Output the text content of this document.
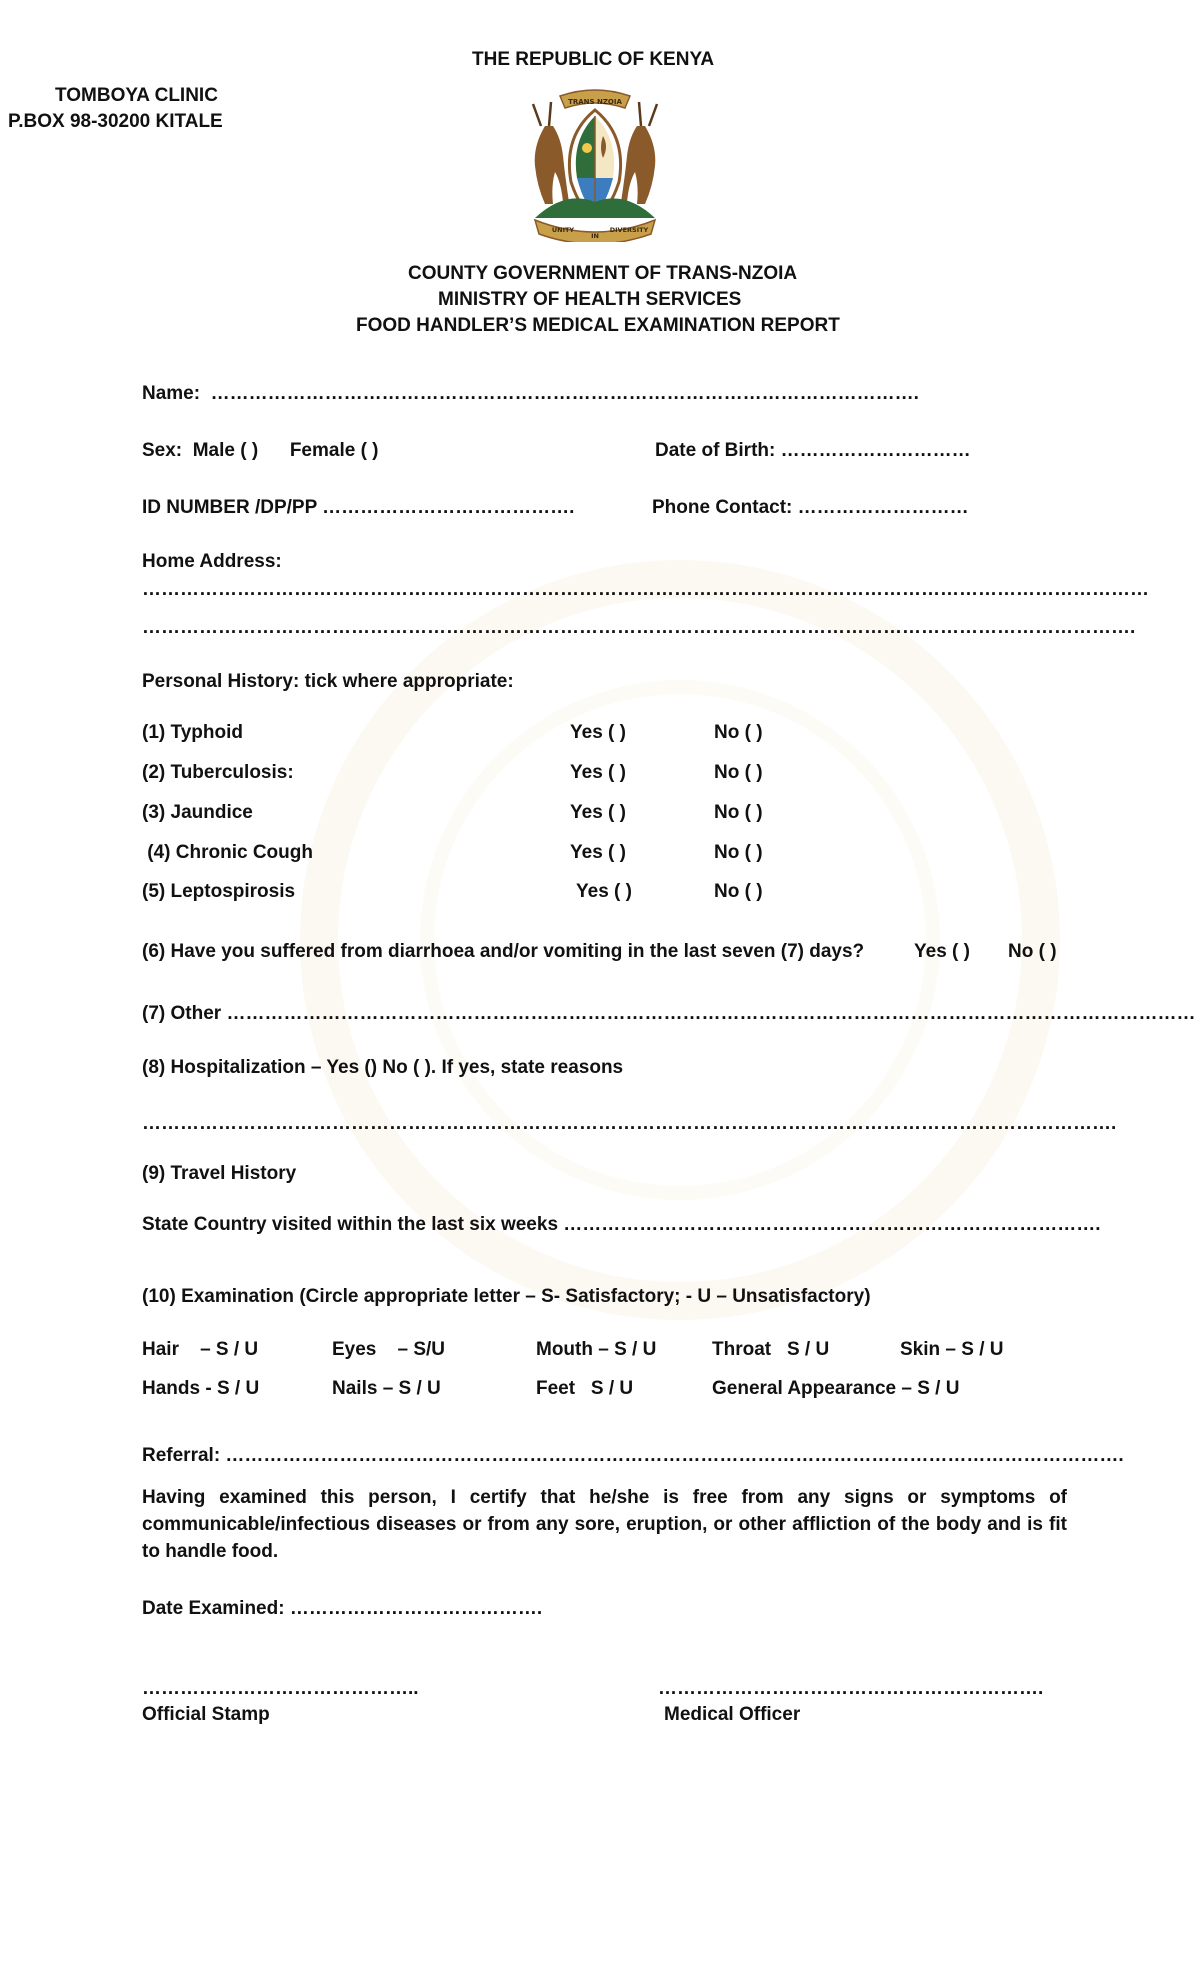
THE REPUBLIC OF KENYA
TOMBOYA CLINIC
P.BOX 98-30200 KITALE
TRANS NZOIA
UNITY
IN
DIVERSITY
COUNTY GOVERNMENT OF TRANS-NZOIA
MINISTRY OF HEALTH SERVICES
FOOD HANDLER’S MEDICAL EXAMINATION REPORT
Name:  ………………………………………………………………………………………………….
Sex:  Male ( )      Female ( )	Date of Birth: …………………………
ID NUMBER /DP/PP ………………………………….	Phone Contact: ………………………
Home Address:
……………………………………………………………………………………………………………………………………………
………………………………………………………………………………………………………………………………………….
Personal History: tick where appropriate:
(1) Typhoid	Yes ( )	No ( )
(2) Tuberculosis:	Yes ( )	No ( )
(3) Jaundice	Yes ( )	No ( )
(4) Chronic Cough	Yes ( )	No ( )
(5) Leptospirosis	Yes ( )	No ( )
(6) Have you suffered from diarrhoea and/or vomiting in the last seven (7) days?	Yes ( ) No ( )
(7) Other ………………………………………………………………………………………………………………………………………
(8) Hospitalization – Yes () No ( ). If yes, state reasons
……………………………………………………………………………………………………………………………………….
(9) Travel History
State Country visited within the last six weeks ………………………………………………………………………….
(10) Examination (Circle appropriate letter – S- Satisfactory; - U – Unsatisfactory)
Hair    – S / U	Eyes    – S/U	Mouth – S / U	Throat   S / U	Skin – S / U
Hands - S / U	Nails – S / U	Feet   S / U	General Appearance – S / U
Referral: …………………………………………………………………………………………………………………………….
Having examined this person, I certify that he/she is free from any signs or symptoms of communicable/infectious diseases or from any sore, eruption, or other affliction of the body and is fit to handle food.
Date Examined: ………………………………….
……………………………………..
Official Stamp
…………………………………………………….
Medical Officer
